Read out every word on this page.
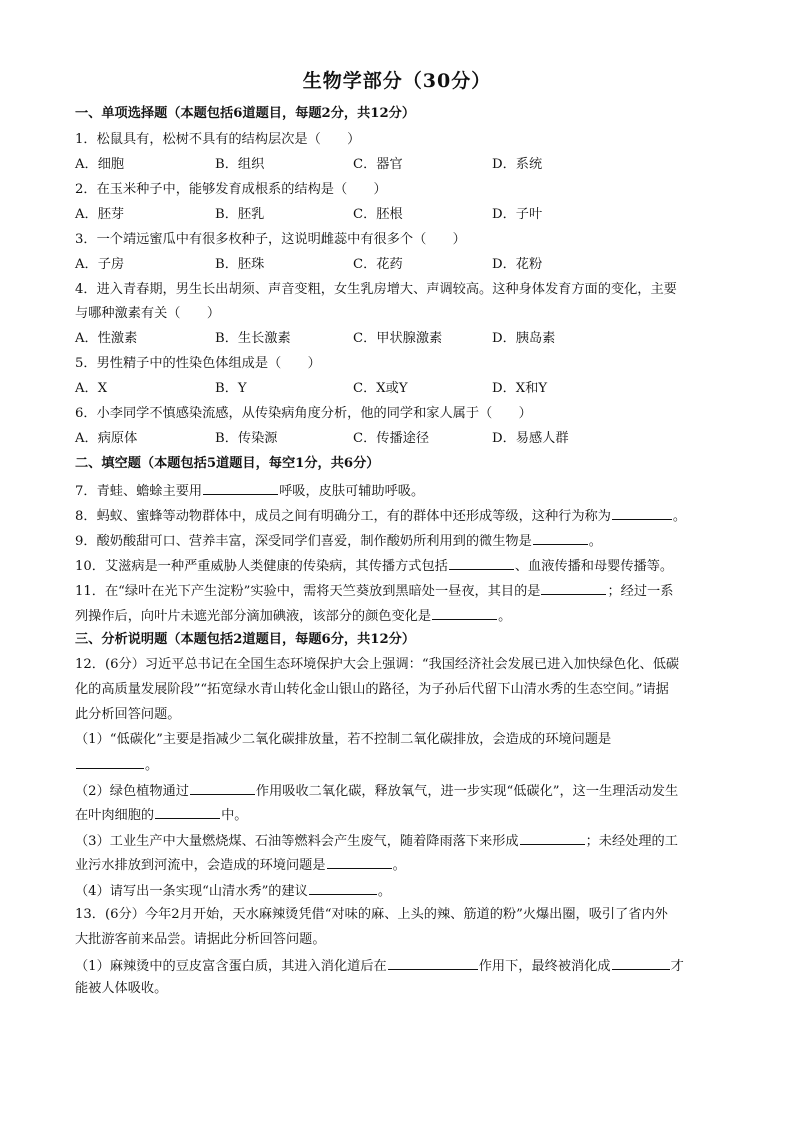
生物学部分（30分）
一、单项选择题（本题包括6道题目，每题2分，共12分）
1．松鼠具有，松树不具有的结构层次是（　　）
A．细胞	B．组织	C．器官	D．系统
2．在玉米种子中，能够发育成根系的结构是（　　）
A．胚芽	B．胚乳	C．胚根	D．子叶
3．一个靖远蜜瓜中有很多枚种子，这说明雌蕊中有很多个（　　）
A．子房	B．胚珠	C．花药	D．花粉
4．进入青春期，男生长出胡须、声音变粗，女生乳房增大、声调较高。这种身体发育方面的变化，主要
与哪种激素有关（　　）
A．性激素	B．生长激素	C．甲状腺激素	D．胰岛素
5．男性精子中的性染色体组成是（　　）
A．X	B．Y	C．X或Y	D．X和Y
6．小李同学不慎感染流感，从传染病角度分析，他的同学和家人属于（　　）
A．病原体	B．传染源	C．传播途径	D．易感人群
二、填空题（本题包括5道题目，每空1分，共6分）
7．青蛙、蟾蜍主要用	呼吸，皮肤可辅助呼吸。
8．蚂蚁、蜜蜂等动物群体中，成员之间有明确分工，有的群体中还形成等级，这种行为称为	。
9．酸奶酸甜可口、营养丰富，深受同学们喜爱，制作酸奶所利用到的微生物是	。
10．艾滋病是一种严重威胁人类健康的传染病，其传播方式包括	、血液传播和母婴传播等。
11．在“绿叶在光下产生淀粉”实验中，需将天竺葵放到黑暗处一昼夜，其目的是	；经过一系
列操作后，向叶片未遮光部分滴加碘液，该部分的颜色变化是	。
三、分析说明题（本题包括2道题目，每题6分，共12分）
12．(6分）习近平总书记在全国生态环境保护大会上强调：“我国经济社会发展已进入加快绿色化、低碳
化的高质量发展阶段”“拓宽绿水青山转化金山银山的路径，为子孙后代留下山清水秀的生态空间。”请据
此分析回答问题。
（1）“低碳化”主要是指减少二氧化碳排放量，若不控制二氧化碳排放，会造成的环境问题是
。
（2）绿色植物通过	作用吸收二氧化碳，释放氧气，进一步实现“低碳化”，这一生理活动发生
在叶肉细胞的	中。
（3）工业生产中大量燃烧煤、石油等燃料会产生废气，随着降雨落下来形成	；未经处理的工
业污水排放到河流中，会造成的环境问题是	。
（4）请写出一条实现“山清水秀”的建议	。
13．(6分）今年2月开始，天水麻辣烫凭借“对味的麻、上头的辣、筋道的粉”火爆出圈，吸引了省内外
大批游客前来品尝。请据此分析回答问题。
（1）麻辣烫中的豆皮富含蛋白质，其进入消化道后在	作用下，最终被消化成	才
能被人体吸收。
